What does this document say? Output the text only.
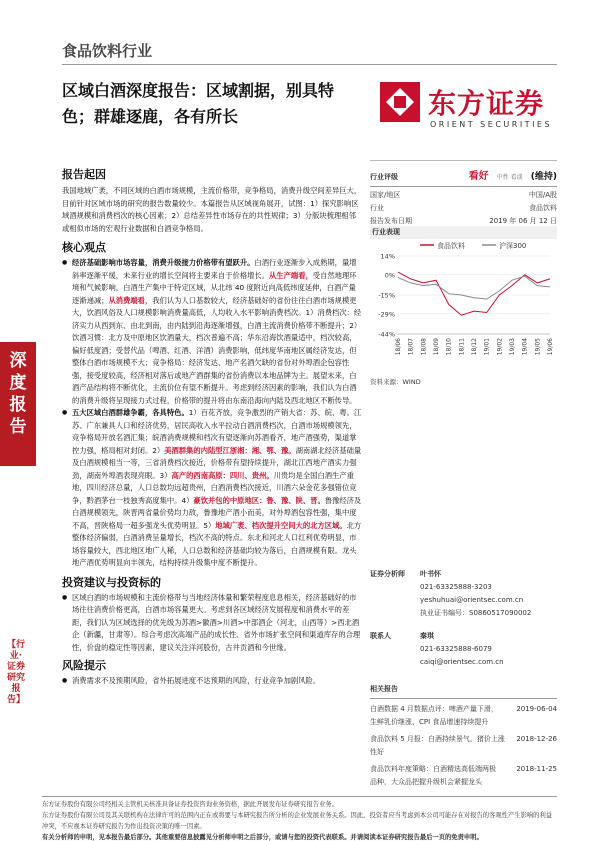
食品饮料行业
区域白酒深度报告：区域割据，别具特色；群雄逐鹿，各有所长	东方证券
ORIENT SECURITIES
深度报告
【行业·证券研究报告】
报告起因
我国地域广袤，不同区域的白酒市场规模，主流价格带，竞争格局，消费升级空间差异巨大，目前针对区域市场的研究的报告数量较少。本篇报告从区域视角展开，试图：1）探究影响区域酒规模和消费档次的核心因素；2）总结差异性市场存在的共性规律；3）分版块梳理相邻或相似市场的宏观行业数据和白酒竞争格局。
核心观点
● 经济基础影响市场容量，消费升级接力价格带有望跃升。白酒行业逐渐步入成熟期，量增斜率逐渐平缓，未来行业的增长空间将主要来自于价格增长。从生产端看，受自然地理环境和气候影响，白酒生产集中于特定区域，从北纬 40 度附近向高低纬度延伸，白酒产量逐渐递减；从消费端看，我们认为人口基数较大，经济基础好的省份往往白酒市场规模更大，饮酒风俗及人口规模影响消费量高低，人均收入水平影响消费档次。1）消费档次：经济实力从西到东、由北到南，由内陆到沿海逐渐增强，白酒主流消费价格带不断提升；2）饮酒习惯：北方及中原地区饮酒量大，档次普遍不高；华东沿海饮酒量适中，档次较高，偏好低度酒；受替代品（啤酒、红酒、洋酒）消费影响，低纬度华南地区属经济发达，但整体白酒市场规模不大；竞争格局：经济发达、地产名酒欠缺的省份对外埠酒企包容性强，接受度较高，经济相对落后或地产酒群集的省份消费以本地品牌为主。展望未来，白酒产品结构将不断优化，主流价位有望不断提升。考虑到经济因素的影响，我们认为白酒的消费升级将呈现接力式过程，价格带的提升将由东南沿海向内陆及西北地区不断传导。
● 五大区域白酒群雄争霸，各具特色。1）百花齐放，竞争激烈的产销大省：苏、皖、粤。江苏、广东兼具人口和经济优势，居民高收入水平拉动白酒消费档次，白酒市场规模领先，竞争格局开放名酒汇集；皖酒消费规模和档次有望逐渐向苏酒看齐，地产酒强势，渠道掌控力强，格局相对封闭。2）美酒群集的内陆型江浙湘：湘、鄂、豫。湖南湖北经济基础量及白酒规模相当一等，三省消费档次接近，价格带有望持续提升，湖北江西地产酒实力强劲，湖南外埠酒表现亮眼。3）高产的西南高原：四川、贵州。川贵均是全国白酒生产重地，四川经济总量，人口总数均远超贵州，白酒消费档次接近，川酒六朵金花多强错位竞争，黔酒茅台一枝独秀高度集中。4）豪饮并包的中原地区：鲁、豫、陕、晋。鲁豫经济及白酒规模领先，陕晋两省量价势均力敌，鲁豫地产酒小而美，对外埠酒包容性强，集中度不高，晋陕格局一超多强龙头优势明显。5）地域广袤、档次提升空间大的北方区域。北方整体经济偏弱，白酒消费呈量增长，档次不高的特点。东北和河北人口红利优势明显，市场容量较大，西北地区地广人稀，人口总数和经济基础均较为落后，白酒规模有限。龙头地产酒优势明显向丰领先，结构持续升级集中度不断提升。
投资建议与投资标的
● 区域白酒的市场规模和主流价格带与当地经济体量和繁荣程度息息相关，经济基础好的市场往往消费价格更高，白酒市场容量更大。考虑到各区域经济发展程度和消费水平的差距，我们认为区域选择的优先级为苏酒>徽酒>川酒>中部酒企（河北，山西等）>西北酒企（新疆，甘肃等）。综合考虑次高端产品的成长性、省外市场扩张空间和渠道库存的合理性，价盘的稳定性等因素，建议关注洋河股份，古井贡酒和今世缘。
风险提示
● 消费需求不及预期风险，省外拓展进度不达预期的风险，行业竞争加剧风险。
行业评级	看好 中性 看淡 (维持)
国家/地区	中国/A股
行业	食品饮料
报告发布日期	2019 年 06 月 12 日
行业表现
食品饮料	沪深300
14%
0%
-15%
-29%
-44%
18/06 18/07 18/08 18/09 18/10 18/11 18/12 19/01 19/02 19/03 19/04 19/05 19/06
资料来源：WIND
证券分析师 叶书怀
021-63325888-3203
yeshuhuai@orientsec.com.cn
执业证书编号：S0860517090002
联系人	秦琪
021-63325888-6079
caiqi@orientsec.com.cn
相关报告
白酒数据 4 月数据点评：啤酒产量下滑，	2019-06-04
生鲜乳价继涨，CPI 食品增速持续提升
食品饮料 5 月报：白酒持续景气，猪价上涨 2018-12-26
性好
食品饮料年度策略：白酒精选高低端两极	2018-11-25
品种，大众品把握升级机会紧握龙头
东方证券股份有限公司经相关主管机关核准具备证券投资咨询业务资格，据此开展发布证券研究报告业务。
东方证券股份有限公司及其关联机构在法律许可的范围内正在或将要与本研究报告所分析的企业发展业务关系。因此，投资者应当考虑到本公司可能存在对报告的客观性产生影响的利益冲突，不应视本证券研究报告为作出投资决策的唯一因素。
有关分析师的申明，见本报告最后部分。其他重要信息披露见分析师申明之后部分，或请与您的投资代表联系。并请阅读本证券研究报告最后一页的免责申明。
